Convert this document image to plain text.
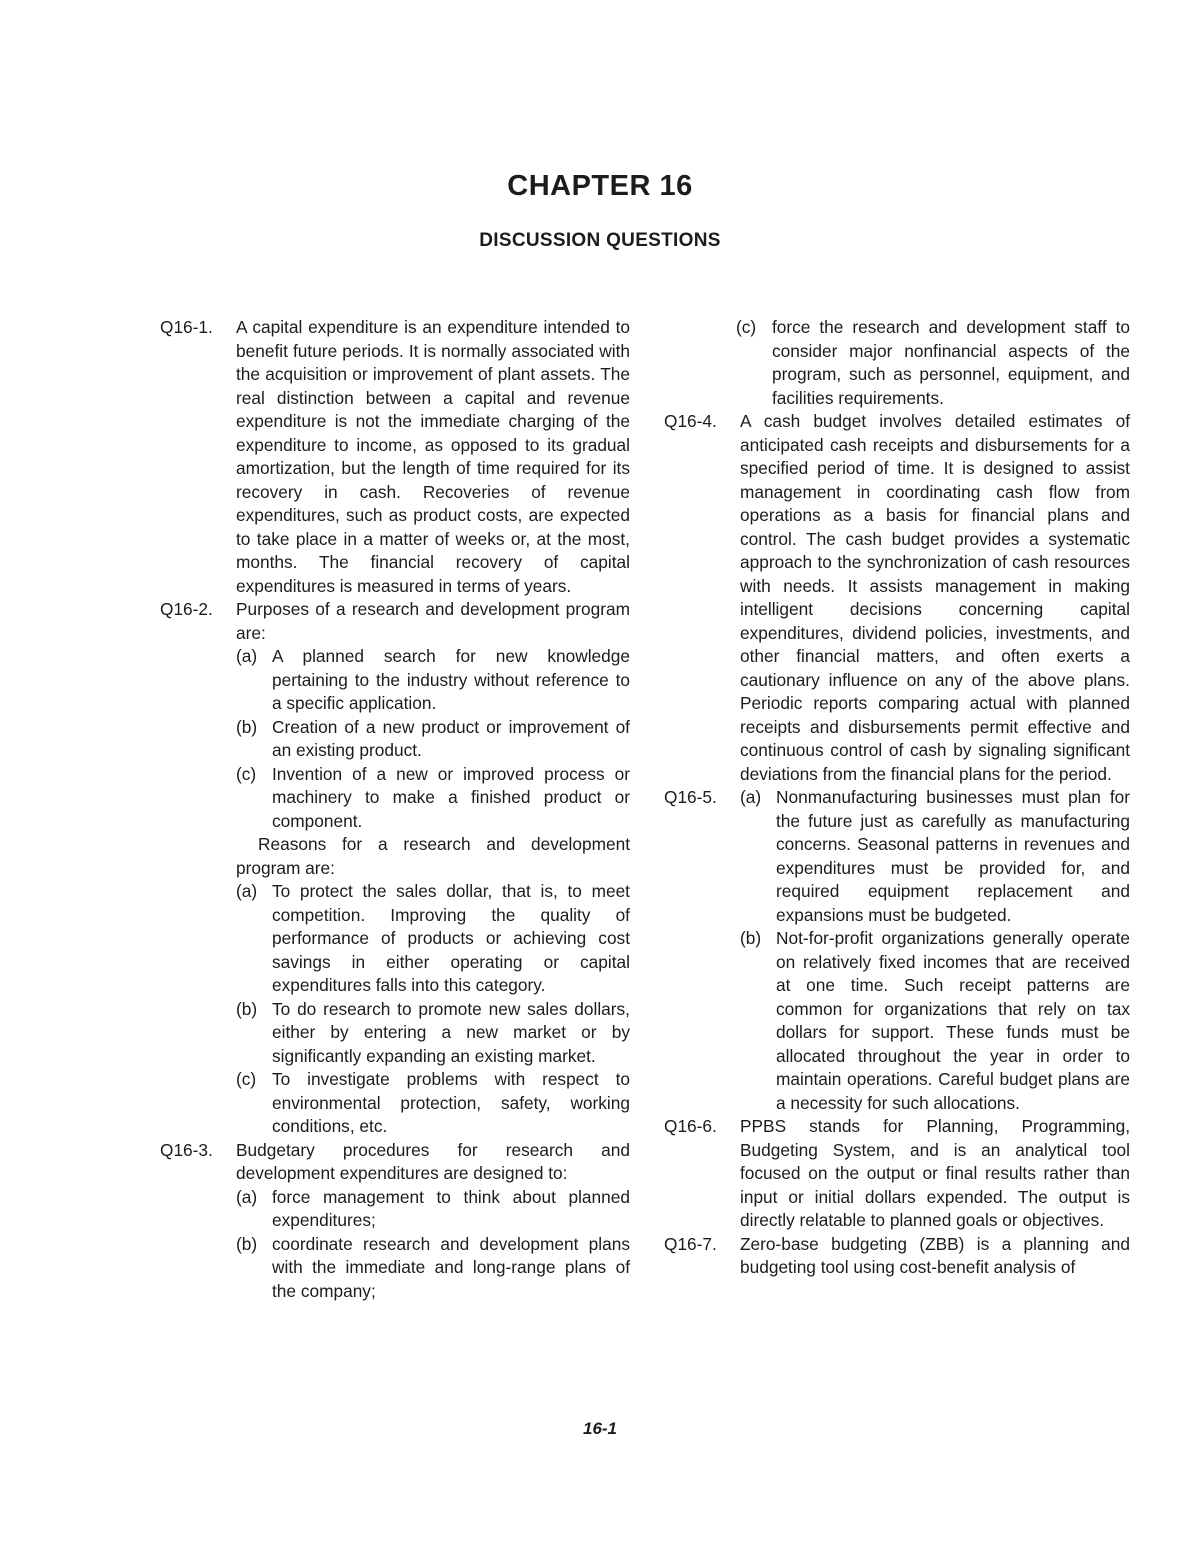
CHAPTER 16
DISCUSSION QUESTIONS
Q16-1.	A capital expenditure is an expenditure intended to benefit future periods. It is normally associated with the acquisition or improvement of plant assets. The real distinction between a capital and revenue expenditure is not the immediate charging of the expenditure to income, as opposed to its gradual amortization, but the length of time required for its recovery in cash. Recoveries of revenue expenditures, such as product costs, are expected to take place in a matter of weeks or, at the most, months. The financial recovery of capital expenditures is measured in terms of years.
Q16-2.	Purposes of a research and development program are:
(a) A planned search for new knowledge pertaining to the industry without reference to a specific application.
(b) Creation of a new product or improvement of an existing product.
(c) Invention of a new or improved process or machinery to make a finished product or component.
Reasons for a research and development program are:
(a) To protect the sales dollar, that is, to meet competition. Improving the quality of performance of products or achieving cost savings in either operating or capital expenditures falls into this category.
(b) To do research to promote new sales dollars, either by entering a new market or by significantly expanding an existing market.
(c) To investigate problems with respect to environmental protection, safety, working conditions, etc.
Q16-3.	Budgetary procedures for research and development expenditures are designed to:
(a) force management to think about planned expenditures;
(b) coordinate research and development plans with the immediate and long-range plans of the company;
(c) force the research and development staff to consider major nonfinancial aspects of the program, such as personnel, equipment, and facilities requirements.
Q16-4.	A cash budget involves detailed estimates of anticipated cash receipts and disbursements for a specified period of time. It is designed to assist management in coordinating cash flow from operations as a basis for financial plans and control. The cash budget provides a systematic approach to the synchronization of cash resources with needs. It assists management in making intelligent decisions concerning capital expenditures, dividend policies, investments, and other financial matters, and often exerts a cautionary influence on any of the above plans. Periodic reports comparing actual with planned receipts and disbursements permit effective and continuous control of cash by signaling significant deviations from the financial plans for the period.
Q16-5.	(a) Nonmanufacturing businesses must plan for the future just as carefully as manufacturing concerns. Seasonal patterns in revenues and expenditures must be provided for, and required equipment replacement and expansions must be budgeted.
(b) Not-for-profit organizations generally operate on relatively fixed incomes that are received at one time. Such receipt patterns are common for organizations that rely on tax dollars for support. These funds must be allocated throughout the year in order to maintain operations. Careful budget plans are a necessity for such allocations.
Q16-6.	PPBS stands for Planning, Programming, Budgeting System, and is an analytical tool focused on the output or final results rather than input or initial dollars expended. The output is directly relatable to planned goals or objectives.
Q16-7.	Zero-base budgeting (ZBB) is a planning and budgeting tool using cost-benefit analysis of
16-1
